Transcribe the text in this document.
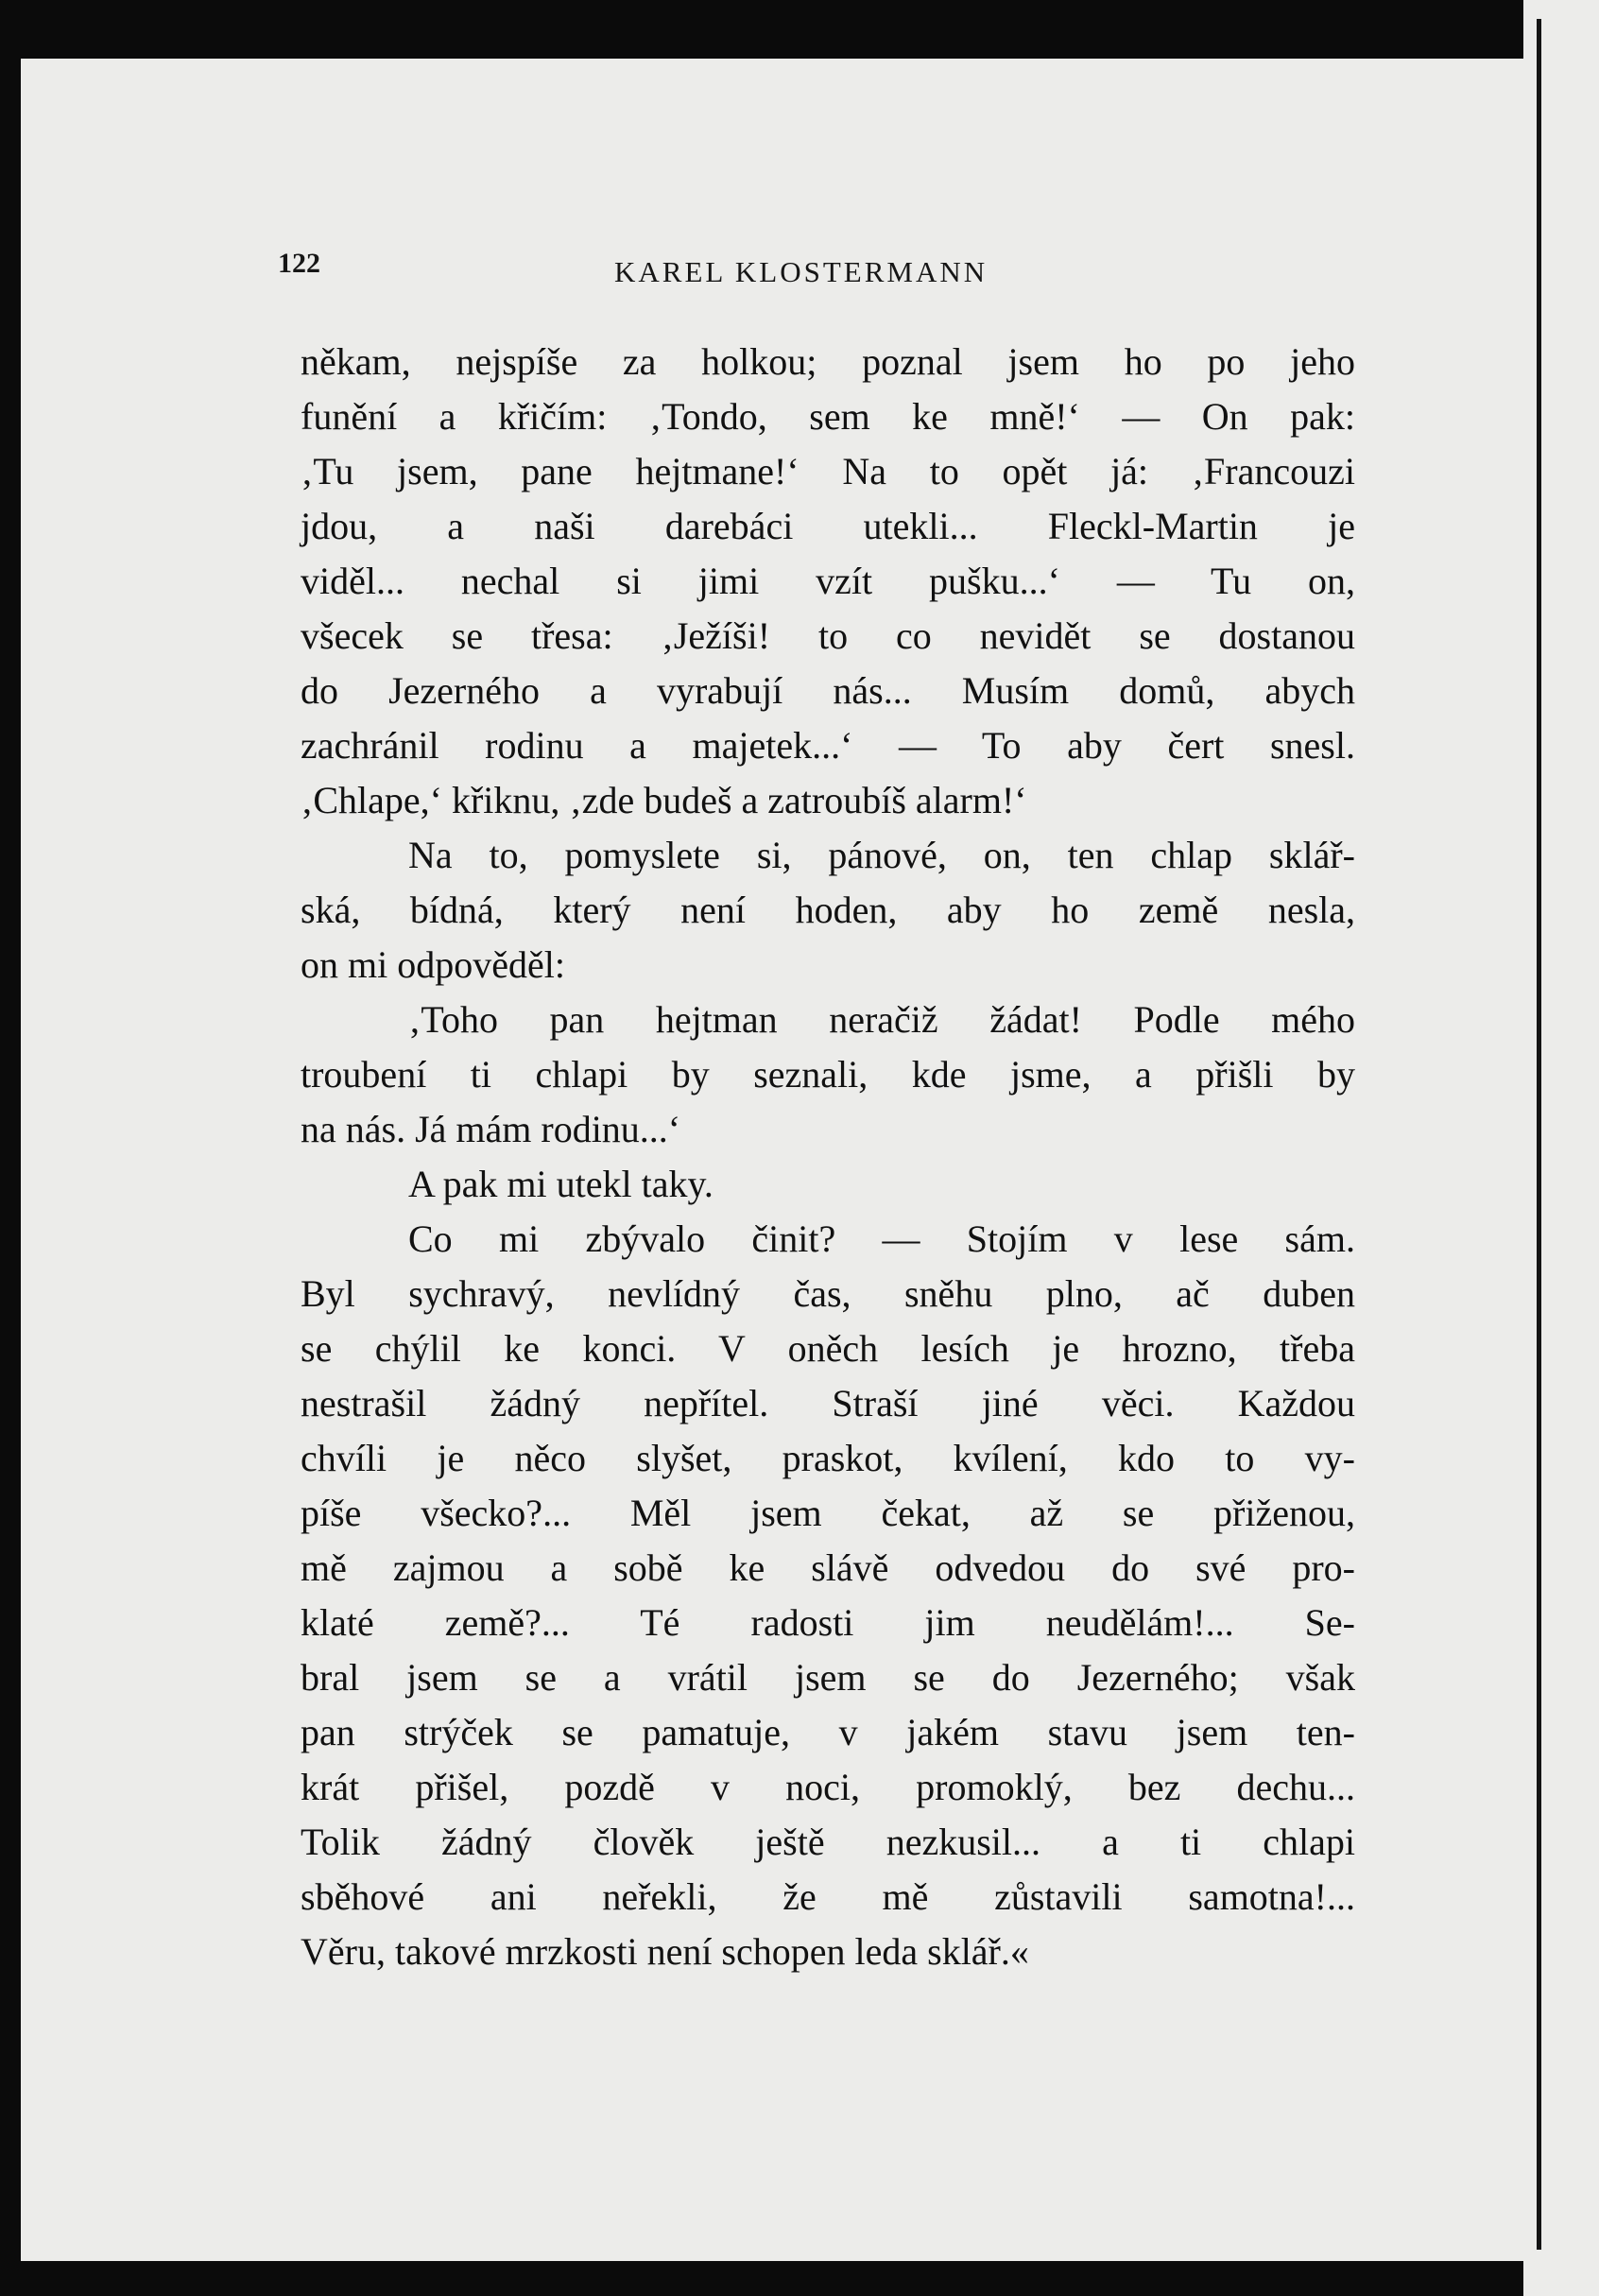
122	KAREL KLOSTERMANN
někam, nejspíše za holkou; poznal jsem ho po jeho
funění a křičím: ‚Tondo, sem ke mně!‘ — On pak:
‚Tu jsem, pane hejtmane!‘ Na to opět já: ‚Francouzi
jdou, a naši darebáci utekli... Fleckl-Martin je
viděl... nechal si jimi vzít pušku...‘ — Tu on,
všecek se třesa: ‚Ježíši! to co nevidět se dostanou
do Jezerného a vyrabují nás... Musím domů, abych
zachránil rodinu a majetek...‘ — To aby čert snesl.
‚Chlape,‘ křiknu, ‚zde budeš a zatroubíš alarm!‘
Na to, pomyslete si, pánové, on, ten chlap sklář-
ská, bídná, který není hoden, aby ho země nesla,
on mi odpověděl:
‚Toho pan hejtman neračiž žádat! Podle mého
troubení ti chlapi by seznali, kde jsme, a přišli by
na nás. Já mám rodinu...‘
A pak mi utekl taky.
Co mi zbývalo činit? — Stojím v lese sám.
Byl sychravý, nevlídný čas, sněhu plno, ač duben
se chýlil ke konci. V oněch lesích je hrozno, třeba
nestrašil žádný nepřítel. Straší jiné věci. Každou
chvíli je něco slyšet, praskot, kvílení, kdo to vy-
píše všecko?... Měl jsem čekat, až se přiženou,
mě zajmou a sobě ke slávě odvedou do své pro-
klaté země?... Té radosti jim neudělám!... Se-
bral jsem se a vrátil jsem se do Jezerného; však
pan strýček se pamatuje, v jakém stavu jsem ten-
krát přišel, pozdě v noci, promoklý, bez dechu...
Tolik žádný člověk ještě nezkusil... a ti chlapi
sběhové ani neřekli, že mě zůstavili samotna!...
Věru, takové mrzkosti není schopen leda sklář.«
